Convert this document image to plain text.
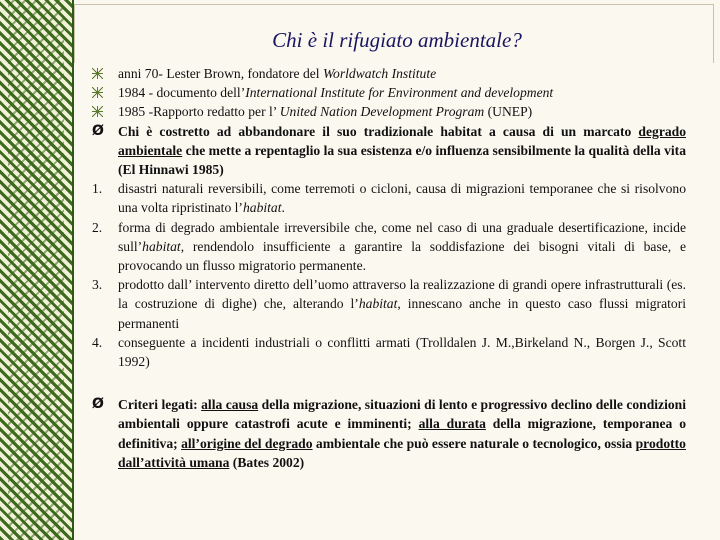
Chi è il rifugiato ambientale?
anni 70- Lester Brown, fondatore del Worldwatch Institute
1984 - documento dell’International Institute for Environment and development
1985 -Rapporto redatto per l’ United Nation Development Program (UNEP)
Ø	Chi è costretto ad abbandonare il suo tradizionale habitat a causa di un marcato degrado ambientale che mette a repentaglio la sua esistenza e/o influenza sensibilmente la qualità della vita (El Hinnawi 1985)
1.	disastri naturali reversibili, come terremoti o cicloni, causa di migrazioni temporanee che si risolvono una volta ripristinato l’habitat.
2.	forma di degrado ambientale irreversibile che, come nel caso di una graduale desertificazione, incide sull’habitat, rendendolo insufficiente a garantire la soddisfazione dei bisogni vitali di base, e provocando un flusso migratorio permanente.
3.	prodotto dall’ intervento diretto dell’uomo attraverso la realizzazione di grandi opere infrastrutturali (es. la costruzione di dighe) che, alterando l’habitat, innescano anche in questo caso flussi migratori permanenti
4.	conseguente a incidenti industriali o conflitti armati (Trolldalen J. M.,Birkeland N., Borgen J., Scott 1992)
Ø	Criteri legati: alla causa della migrazione, situazioni di lento e progressivo declino delle condizioni ambientali oppure catastrofi acute e imminenti; alla durata della migrazione, temporanea o definitiva; all’origine del degrado ambientale che può essere naturale o tecnologico, ossia prodotto dall’attività umana (Bates 2002)
